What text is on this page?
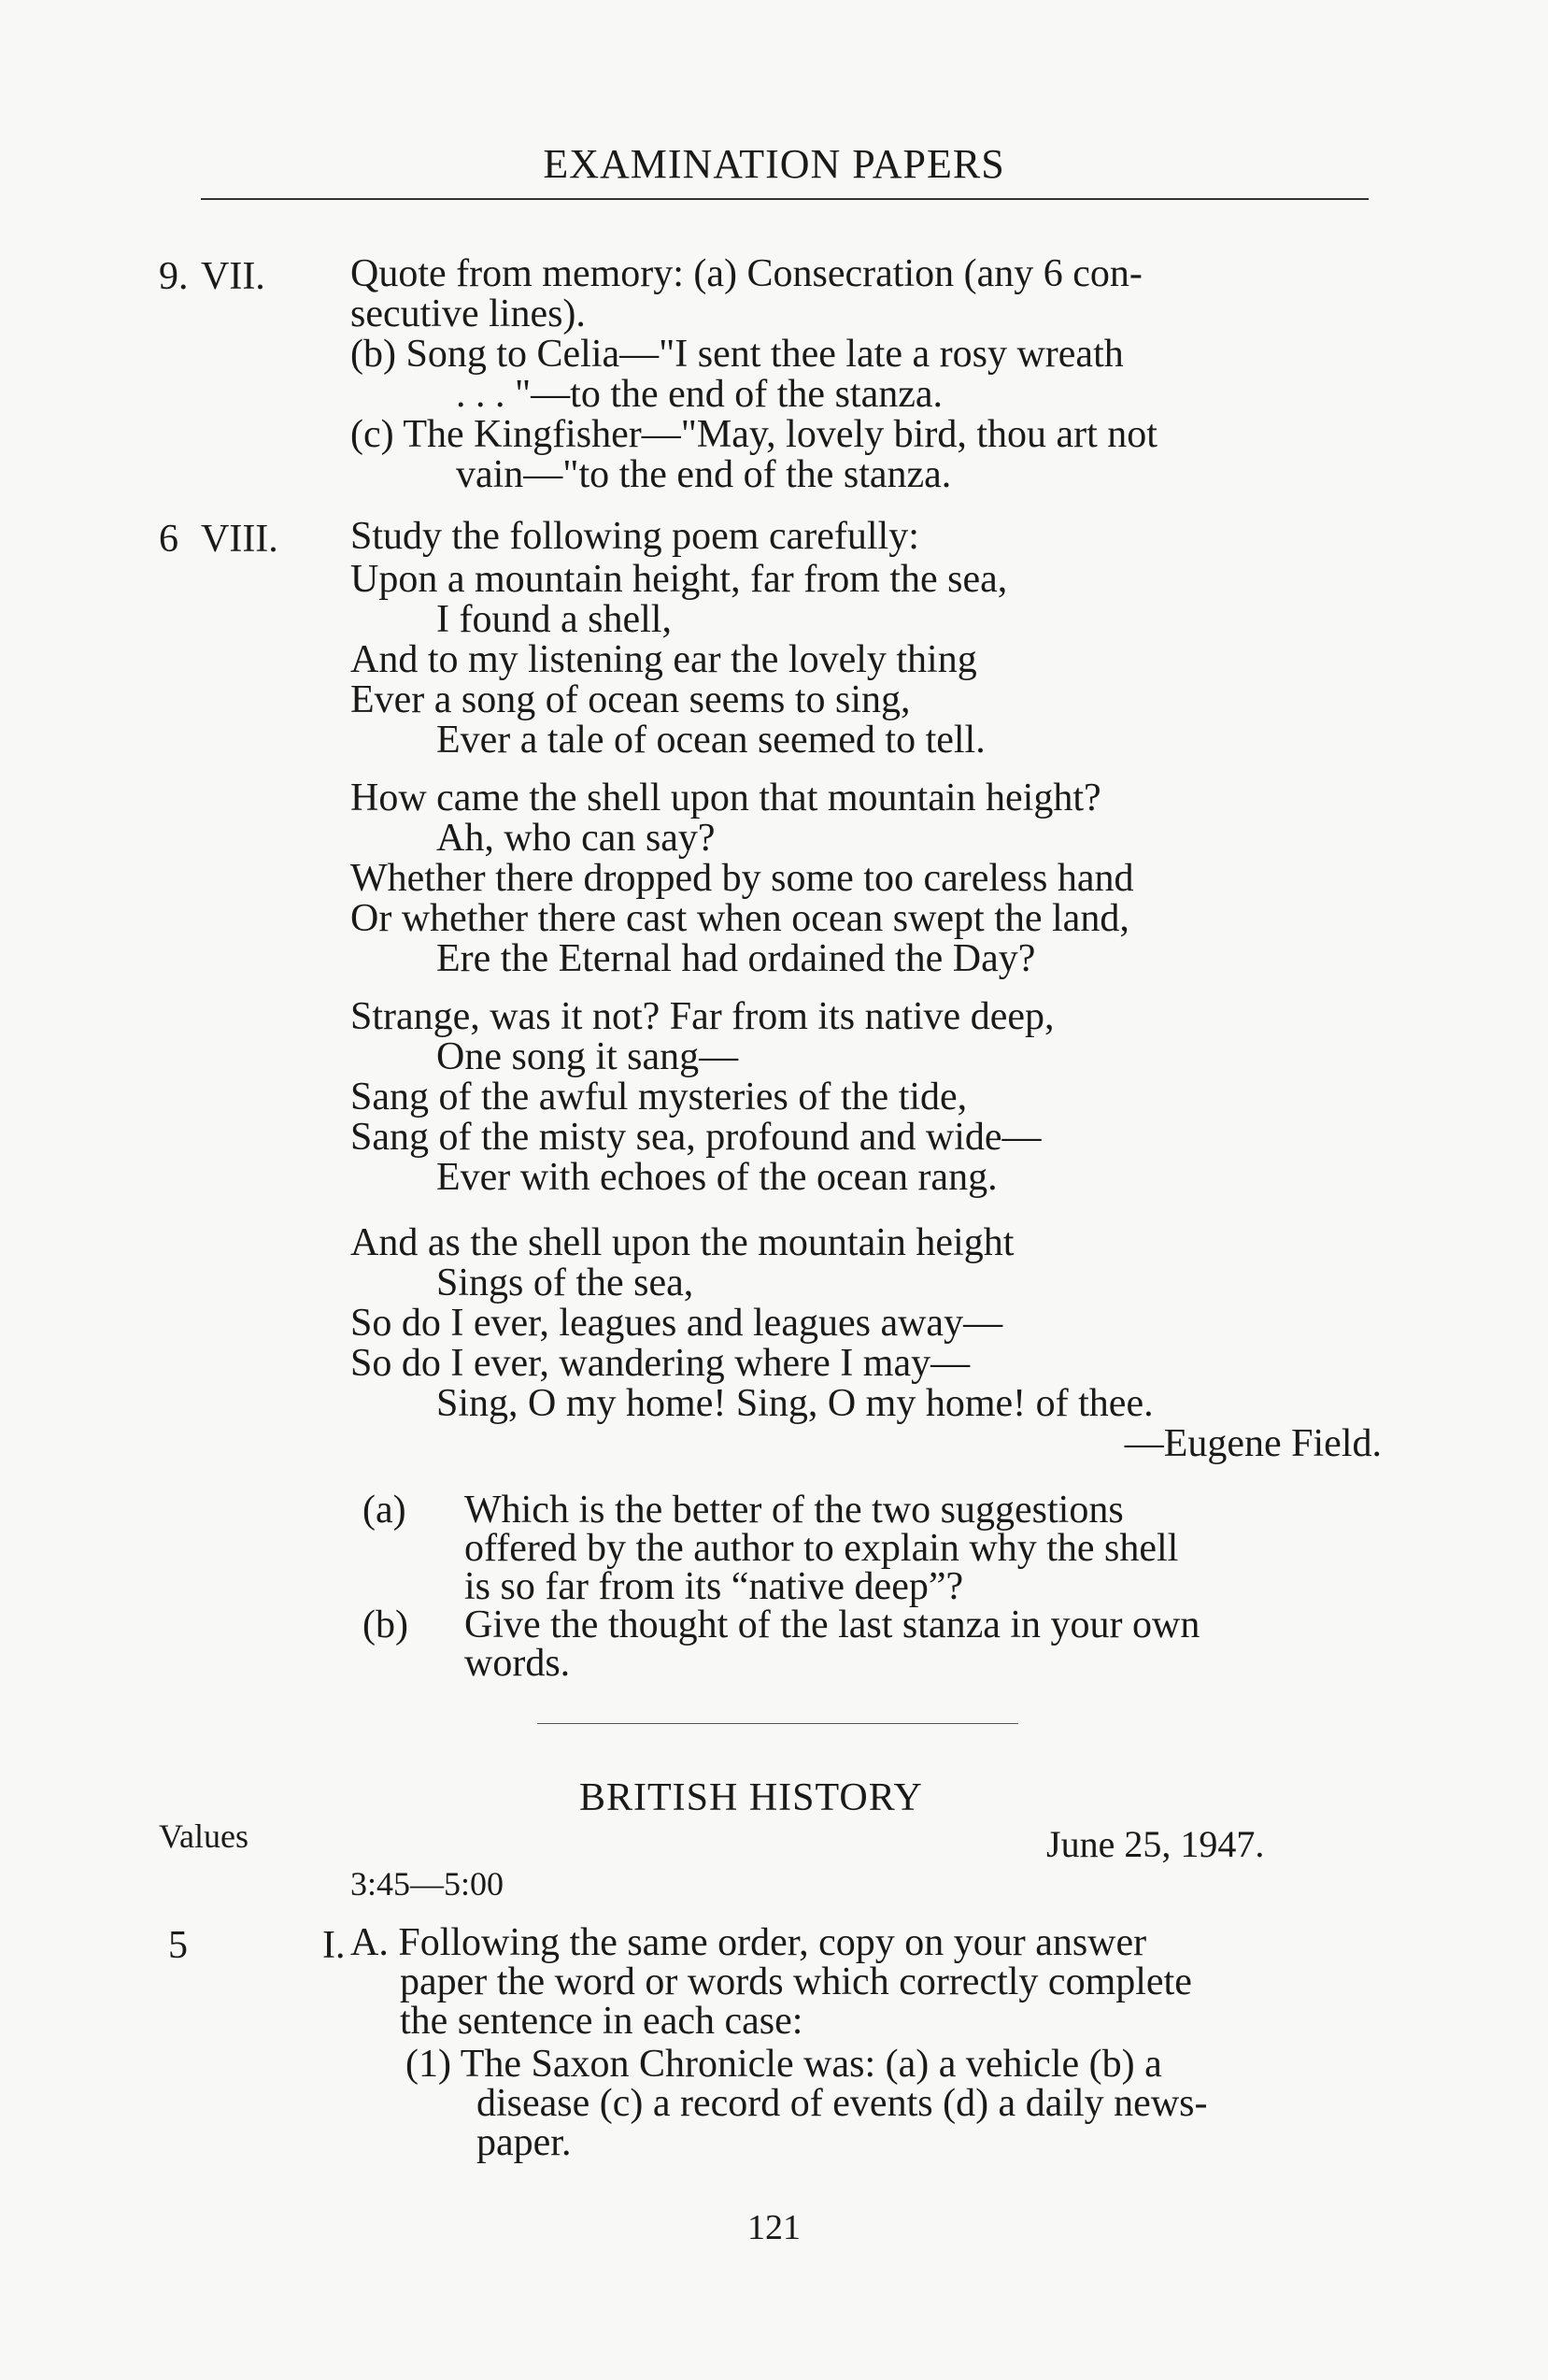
EXAMINATION PAPERS
9. VII. Quote from memory: (a) Consecration (any 6 con-
secutive lines).
(b) Song to Celia—"I sent thee late a rosy wreath
. . . "—to the end of the stanza.
(c) The Kingfisher—"May, lovely bird, thou art not
vain—"to the end of the stanza.
6 VIII. Study the following poem carefully:
Upon a mountain height, far from the sea,
I found a shell,
And to my listening ear the lovely thing
Ever a song of ocean seems to sing,
Ever a tale of ocean seemed to tell.
How came the shell upon that mountain height?
Ah, who can say?
Whether there dropped by some too careless hand
Or whether there cast when ocean swept the land,
Ere the Eternal had ordained the Day?
Strange, was it not? Far from its native deep,
One song it sang—
Sang of the awful mysteries of the tide,
Sang of the misty sea, profound and wide—
Ever with echoes of the ocean rang.
And as the shell upon the mountain height
Sings of the sea,
So do I ever, leagues and leagues away—
So do I ever, wandering where I may—
Sing, O my home! Sing, O my home! of thee.
—Eugene Field.
(a) Which is the better of the two suggestions
offered by the author to explain why the shell
is so far from its “native deep”?
(b) Give the thought of the last stanza in your own
words.
BRITISH HISTORY
Values	June 25, 1947.
3:45—5:00
5	I. A. Following the same order, copy on your answer
paper the word or words which correctly complete
the sentence in each case:
(1) The Saxon Chronicle was: (a) a vehicle (b) a
disease (c) a record of events (d) a daily news-
paper.
121
